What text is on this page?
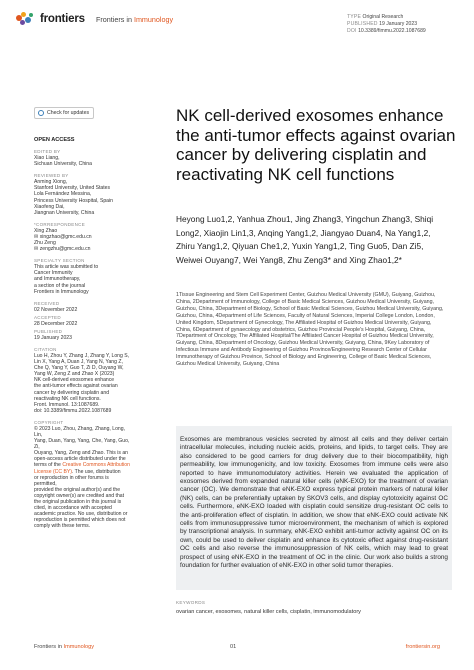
frontiers Frontiers in Immunology	TYPE Original Research
PUBLISHED 19 January 2023
DOI 10.3389/fimmu.2022.1087689
Check for updates
OPEN ACCESS
EDITED BY
Xiao Liang,
Sichuan University, China
REVIEWED BY
Anming Xiong,
Stanford University, United States
Lola Fernández Messina,
Princess University Hospital, Spain
Xiaofeng Dai,
Jiangnan University, China
*CORRESPONDENCE
Xing Zhao
✉ xingzhao@gmc.edu.cn
Zhu Zeng
✉ zengzhu@gmc.edu.cn
SPECIALTY SECTION
This article was submitted to
Cancer Immunity
and Immunotherapy,
a section of the journal
Frontiers in Immunology
RECEIVED
02 November 2022
ACCEPTED
28 December 2022
PUBLISHED
19 January 2023
CITATION
Luo H, Zhou Y, Zhang J, Zhang Y, Long S,
Lin X, Yang A, Duan J, Yang N, Yang Z,
Che Q, Yang Y, Guo T, Zi D, Ouyang W,
Yang W, Zeng Z and Zhao X (2023)
NK cell-derived exosomes enhance
the anti-tumor effects against ovarian
cancer by delivering cisplatin and
reactivating NK cell functions.
Front. Immunol. 13:1087689.
doi: 10.3389/fimmu.2022.1087689
COPYRIGHT
© 2023 Luo, Zhou, Zhang, Zhang, Long, Lin,
Yang, Duan, Yang, Yang, Che, Yang, Guo, Zi,
Ouyang, Yang, Zeng and Zhao. This is an
open-access article distributed under the
terms of the Creative Commons Attribution
License (CC BY). The use, distribution
or reproduction in other forums is permitted,
provided the original author(s) and the
copyright owner(s) are credited and that
the original publication in this journal is
cited, in accordance with accepted
academic practice. No use, distribution or
reproduction is permitted which does not
comply with these terms.
NK cell-derived exosomes enhance the anti-tumor effects against ovarian cancer by delivering cisplatin and reactivating NK cell functions
Heyong Luo1,2, Yanhua Zhou1, Jing Zhang3, Yingchun Zhang3, Shiqi Long2, Xiaojin Lin1,3, Anqing Yang1,2, Jiangyao Duan4, Na Yang1,2, Zhiru Yang1,2, Qiyuan Che1,2, Yuxin Yang1,2, Ting Guo5, Dan Zi5, Weiwei Ouyang7, Wei Yang8, Zhu Zeng3* and Xing Zhao1,2*
1Tissue Engineering and Stem Cell Experiment Center, Guizhou Medical University (GMU), Guiyang, Guizhou, China, 2Department of Immunology, College of Basic Medical Sciences, Guizhou Medical University, Guiyang, Guizhou, China, 3Department of Biology, School of Basic Medical Sciences, Guizhou Medical University, Guiyang, Guizhou, China, 4Department of Life Sciences, Faculty of Natural Sciences, Imperial College London, London, United Kingdom, 5Department of Gynecology, The Affiliated Hospital of Guizhou Medical University, Guiyang, China, 6Department of gynaecology and obstetrics, Guizhou Provincial People's Hospital, Guiyang, China, 7Department of Oncology, The Affiliated Hospital/The Affiliated Cancer Hospital of Guizhou Medical University, Guiyang, China, 8Department of Oncology, Guizhou Medical University, Guiyang, China, 9Key Laboratory of Infectious Immune and Antibody Engineering of Guizhou Province/Engineering Research Center of Cellular Immunotherapy of Guizhou Province, School of Biology and Engineering, College of Basic Medical Sciences, Guizhou Medical University, Guiyang, China
Exosomes are membranous vesicles secreted by almost all cells and they deliver certain intracellular molecules, including nucleic acids, proteins, and lipids, to target cells. They are also considered to be good carriers for drug delivery due to their biocompatibility, high permeability, low immunogenicity, and low toxicity. Exosomes from immune cells were also reported to have immunomodulatory activities. Herein we evaluated the application of exosomes derived from expanded natural killer cells (eNK-EXO) for the treatment of ovarian cancer (OC). We demonstrate that eNK-EXO express typical protein markers of natural killer (NK) cells, can be preferentially uptaken by SKOV3 cells, and display cytotoxicity against OC cells. Furthermore, eNK-EXO loaded with cisplatin could sensitize drug-resistant OC cells to the anti-proliferation effect of cisplatin. In addition, we show that eNK-EXO could activate NK cells from immunosuppressive tumor microenvironment, the mechanism of which is explored by transcriptional analysis. In summary, eNK-EXO exhibit anti-tumor activity against OC on its own, could be used to deliver cisplatin and enhance its cytotoxic effect against drug-resistant OC cells and also reverse the immunosuppression of NK cells, which may lead to great prospect of using eNK-EXO in the treatment of OC in the clinic. Our work also builds a strong foundation for further evaluation of eNK-EXO in other solid tumor therapies.
KEYWORDS
ovarian cancer, exosomes, natural killer cells, cisplatin, immunomodulatory
Frontiers in Immunology	01	frontiersin.org
